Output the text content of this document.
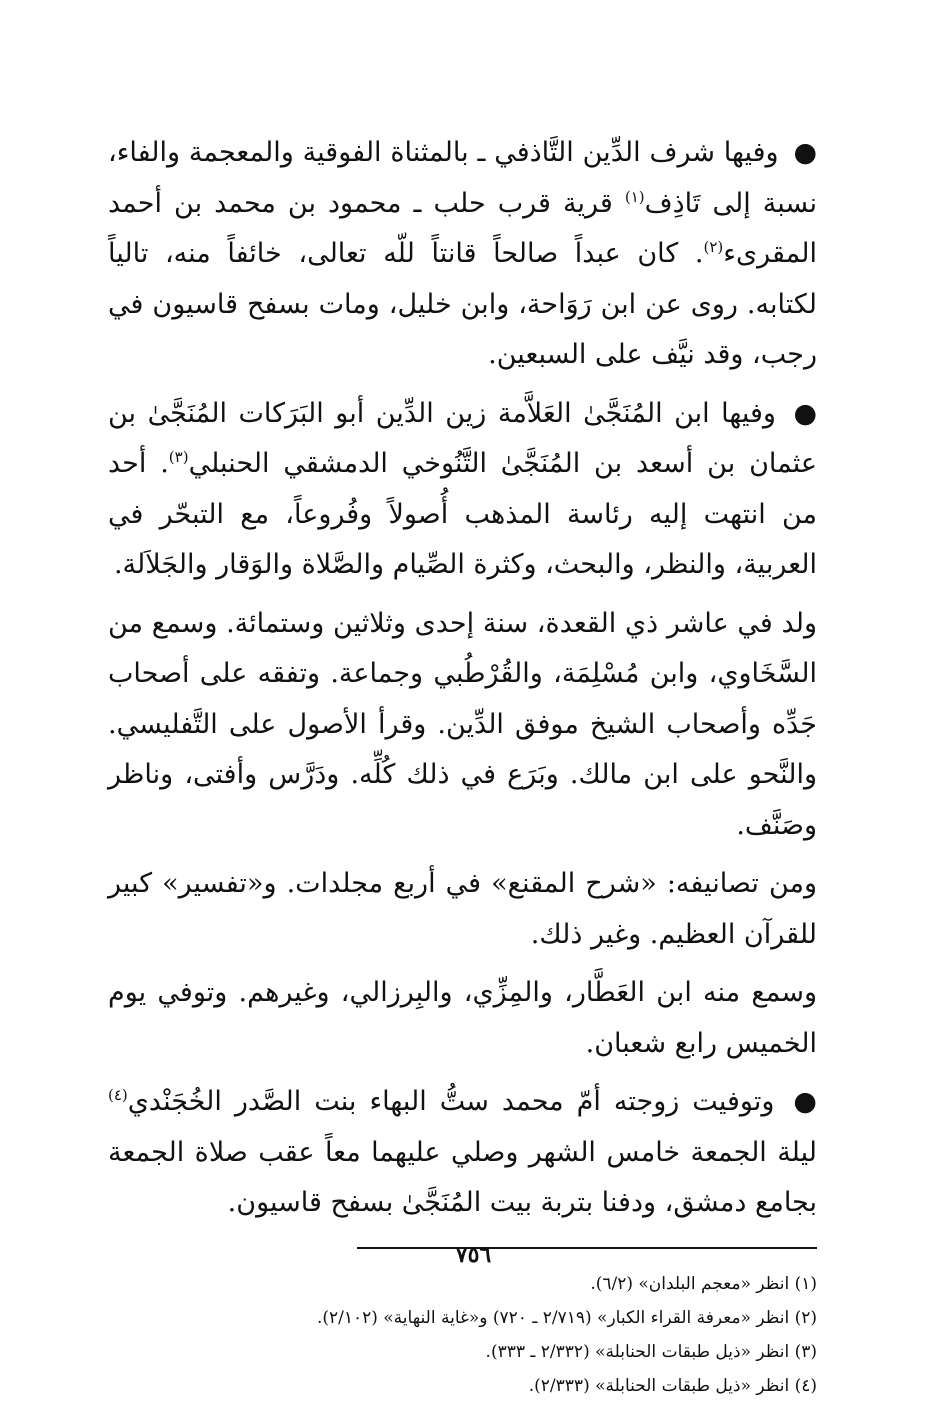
● وفيها شرف الدِّين التَّاذفي ـ بالمثناة الفوقية والمعجمة والفاء، نسبة إلى تَاذِف$^{(١)}$ قرية قرب حلب ـ محمود بن محمد بن أحمد المقرىء$^{(٢)}$. كان عبداً صالحاً قانتاً للّه تعالى، خائفاً منه، تالياً لكتابه. روى عن ابن رَوَاحة، وابن خليل، ومات بسفح قاسيون في رجب، وقد نيَّف على السبعين.

● وفيها ابن المُنَجَّىٰ العَلاَّمة زين الدِّين أبو البَرَكات المُنَجَّىٰ بن عثمان بن أسعد بن المُنَجَّىٰ التَّنُوخي الدمشقي الحنبلي$^{(٣)}$. أحد من انتهت إليه رئاسة المذهب أُصولاً وفُروعاً، مع التبحّر في العربية، والنظر، والبحث، وكثرة الصِّيام والصَّلاة والوَقار والجَلاَلة.

ولد في عاشر ذي القعدة، سنة إحدى وثلاثين وستمائة. وسمع من السَّخَاوي، وابن مُسْلِمَة، والقُرْطُبي وجماعة. وتفقه على أصحاب جَدِّه وأصحاب الشيخ موفق الدِّين. وقرأ الأصول على التَّفليسي. والنَّحو على ابن مالك. وبَرَع في ذلك كُلِّه. ودَرَّس وأفتى، وناظر وصَنَّف.

ومن تصانيفه: «شرح المقنع» في أربع مجلدات. و«تفسير» كبير للقرآن العظيم. وغير ذلك.

وسمع منه ابن العَطَّار، والمِزِّي، والبِرزالي، وغيرهم. وتوفي يوم الخميس رابع شعبان.

● وتوفيت زوجته أمّ محمد ستُّ البهاء بنت الصَّدر الخُجَنْدي$^{(٤)}$ ليلة الجمعة خامس الشهر وصلي عليهما معاً عقب صلاة الجمعة بجامع دمشق، ودفنا بتربة بيت المُنَجَّىٰ بسفح قاسيون.

(١) انظر «معجم البلدان» (٦/٢).

(٢) انظر «معرفة القراء الكبار» (٢/٧١٩ ـ ٧٢٠) و«غاية النهاية» (٢/١٠٢).

(٣) انظر «ذيل طبقات الحنابلة» (٢/٣٣٢ ـ ٣٣٣).

(٤) انظر «ذيل طبقات الحنابلة» (٢/٣٣٣).

٧٥٦
